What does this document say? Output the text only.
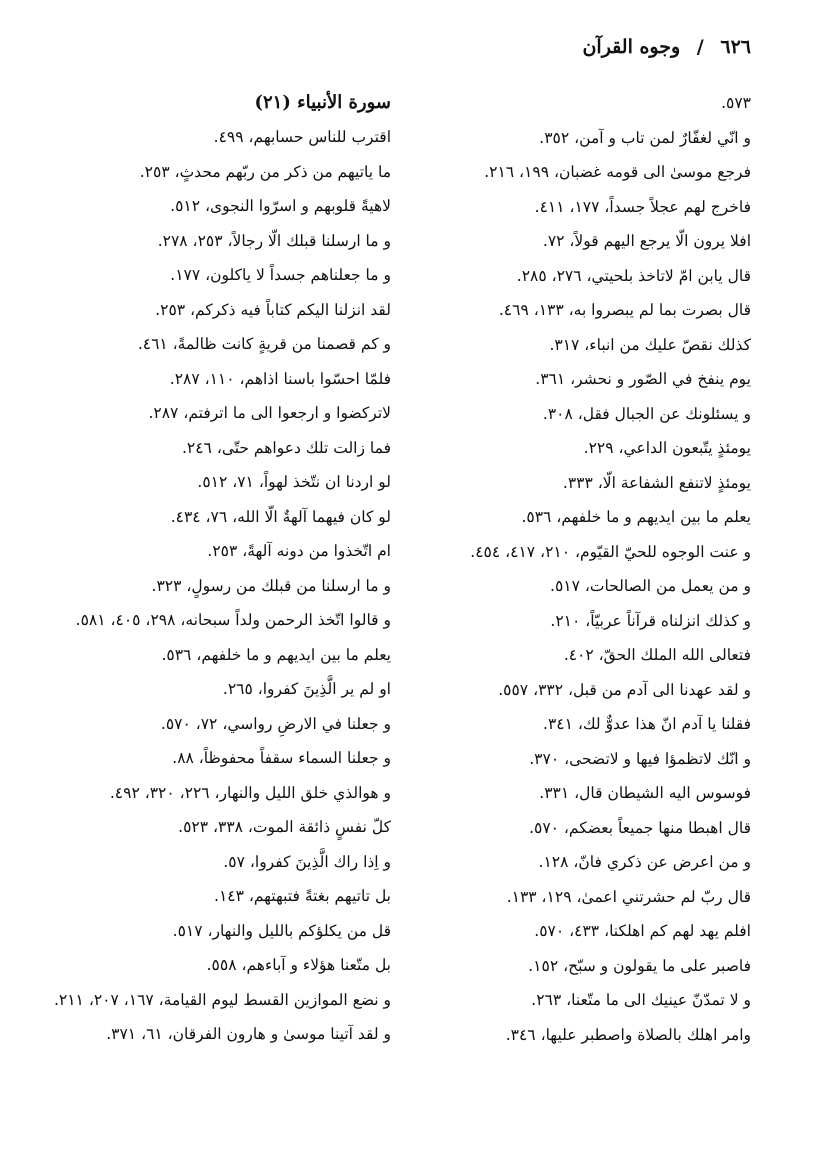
٦٢٦ / وجوه القرآن
٥٧٣.
و انّي لغفّارٌ لمن تاب و آمن، ٣٥٢.
فرجع موسیٰ الی قومه غضبان، ١٩٩، ٢١٦.
فاخرج لهم عجلاً جسداً، ١٧٧، ٤١١.
افلا یرون الّا یرجع الیهم قولاً، ٧٢.
قال یابن امّ لاتاخذ بلحیتي، ٢٧٦، ٢٨٥.
قال بصرت بما لم یبصروا به، ١٣٣، ٤٦٩.
کذلك نقصّ علیك من انباء، ٣١٧.
یوم ینفخ في الصّور و نحشر، ٣٦١.
و یسئلونك عن الجبال فقل، ٣٠٨.
یومئذٍ یتّبعون الداعي، ٢٢٩.
یومئذٍ لاتنفع الشفاعة الّا، ٣٣٣.
یعلم ما بین ایدیهم و ما خلفهم، ٥٣٦.
و عنت الوجوه للحيّ القیّوم، ٢١٠، ٤١٧، ٤٥٤.
و من یعمل من الصالحات، ٥١٧.
و کذلك انزلناه قرآناً عربیّاً، ٢١٠.
فتعالی الله الملك الحقّ، ٤٠٢.
و لقد عهدنا الی آدم من قبل، ٣٣٢، ٥٥٧.
فقلنا یا آدم انّ هذا عدوٌّ لك، ٣٤١.
و انّك لاتظمؤا فیها و لاتضحی، ٣٧٠.
فوسوس الیه الشیطان قال، ٣٣١.
قال اهبطا منها جمیعاً بعضکم، ٥٧٠.
و من اعرض عن ذکري فانّ، ١٢٨.
قال ربّ لم حشرتني اعمیٰ، ١٢٩، ١٣٣.
افلم یهد لهم کم اهلکنا، ٤٣٣، ٥٧٠.
فاصبر علی ما یقولون و سبّح، ١٥٢.
و لا تمدّنّ عینیك الی ما متّعنا، ٢٦٣.
وامر اهلك بالصلاة واصطبر علیها، ٣٤٦.
سورة الأنبیاء (٢١)
اقترب للناس حسابهم، ٤٩٩.
ما یاتیهم من ذکر من ربّهم محدثٍ، ٢٥٣.
لاهیةً قلوبهم و اسرّوا النجوی، ٥١٢.
و ما ارسلنا قبلك الّا رجالاً، ٢٥٣، ٢٧٨.
و ما جعلناهم جسداً لا یاکلون، ١٧٧.
لقد انزلنا الیکم کتاباً فیه ذکرکم، ٢٥٣.
و کم قصمنا من قریةٍ کانت ظالمةً، ٤٦١.
فلمّا احسّوا باسنا اذاهم، ١١٠، ٢٨٧.
لاترکضوا و ارجعوا الی ما اترفتم، ٢٨٧.
فما زالت تلك دعواهم حتّی، ٢٤٦.
لو اردنا ان نتّخذ لهواً، ٧١، ٥١٢.
لو کان فیهما آلهةٌ الّا الله، ٧٦، ٤٣٤.
ام اتّخذوا من دونه آلهةً، ٢٥٣.
و ما ارسلنا من قبلك من رسولٍ، ٣٢٣.
و قالوا اتّخذ الرحمن ولداً سبحانه، ٢٩٨، ٤٠٥، ٥٨١.
یعلم ما بین ایدیهم و ما خلفهم، ٥٣٦.
او لم یر الَّذِینَ کفروا، ٢٦٥.
و جعلنا في الارضِ رواسي، ٧٢، ٥٧٠.
و جعلنا السماء سقفاً محفوظاً، ٨٨.
و هوالذي خلق اللیل والنهار، ٢٢٦، ٣٢٠، ٤٩٢.
کلّ نفسٍ ذائقة الموت، ٣٣٨، ٥٢٣.
و اِذا راك الَّذِینَ کفروا، ٥٧.
بل تاتیهم بغتةً فتبهتهم، ١٤٣.
قل من یکلؤکم باللیل والنهار، ٥١٧.
بل متّعنا هؤلاء و آباءهم، ٥٥٨.
و نضع الموازین القسط لیوم القیامة، ١٦٧، ٢٠٧، ٢١١.
و لقد آتینا موسیٰ و هارون الفرقان، ٦١، ٣٧١.
